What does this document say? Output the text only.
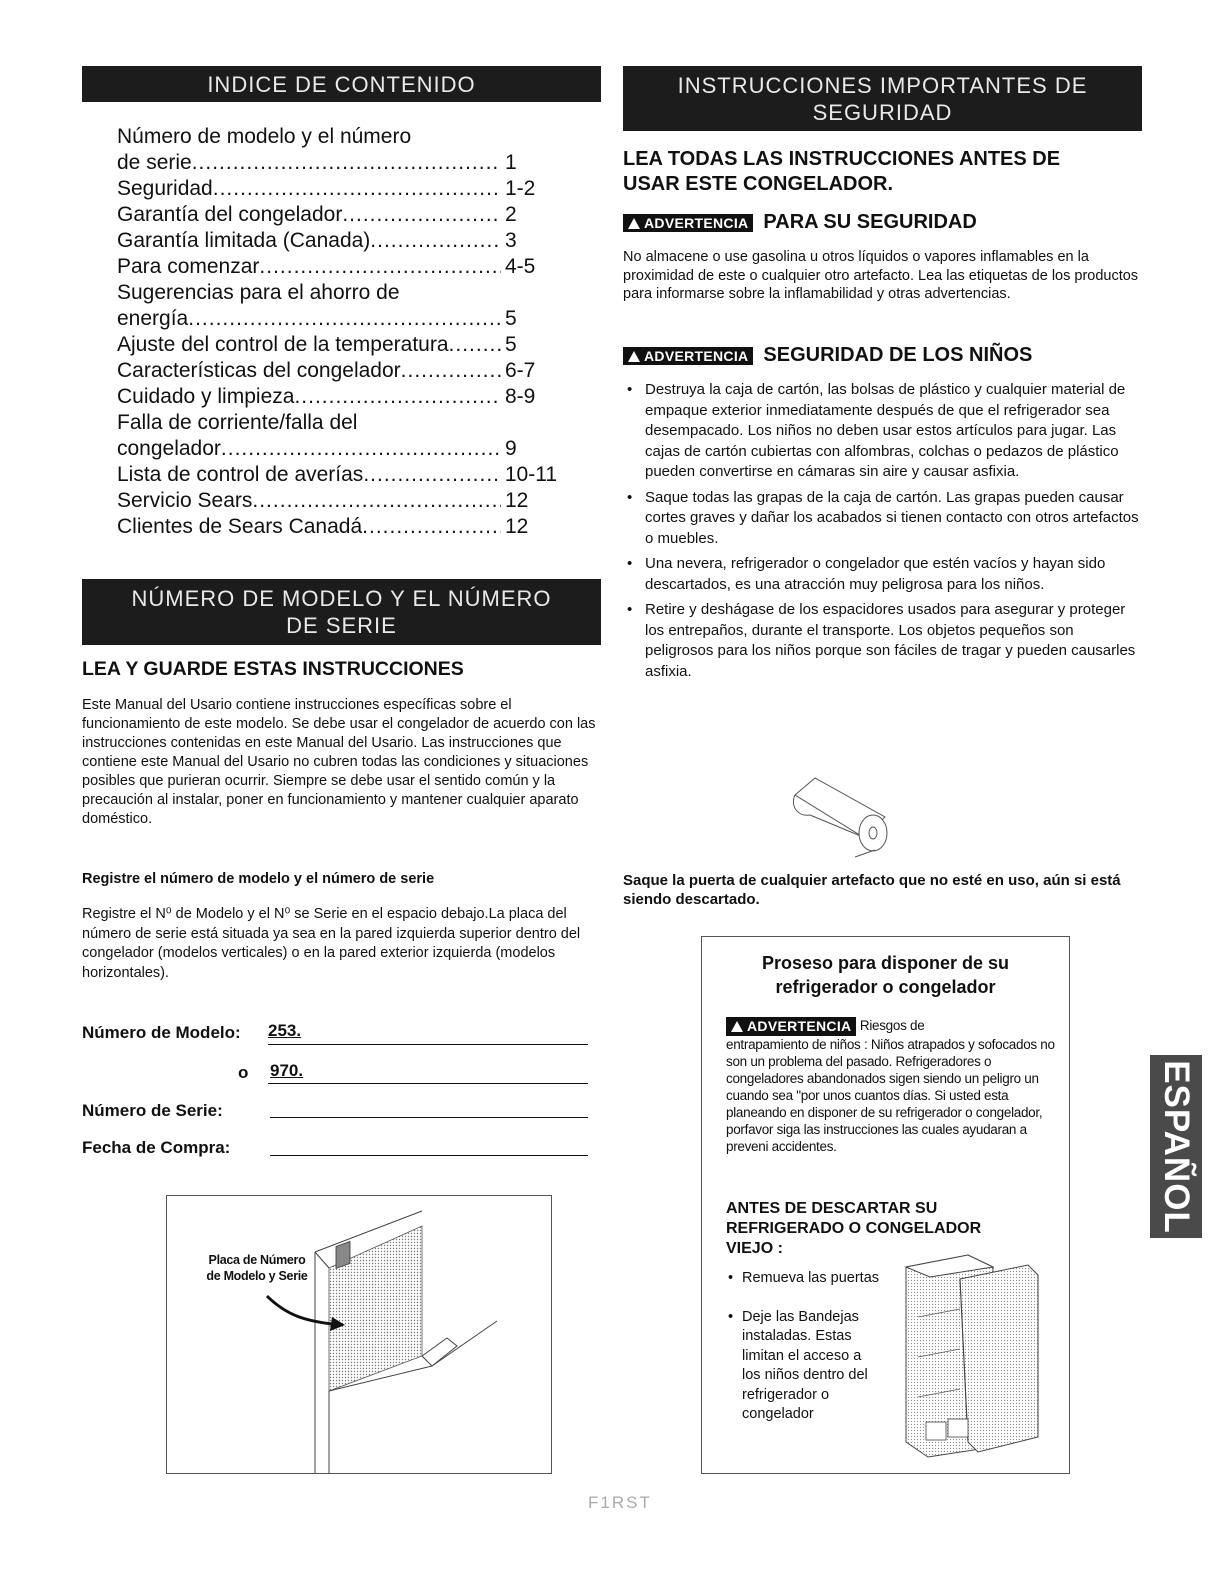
INDICE DE CONTENIDO
Número de modelo y el número
de serie .....	1
Seguridad .....	1-2
Garantía del congelador .....	2
Garantía limitada (Canada) .....	3
Para comenzar .....	4-5
Sugerencias para el ahorro de
energía .....	5
Ajuste del control de la temperatura .....	5
Características del congelador .....	6-7
Cuidado y limpieza .....	8-9
Falla de corriente/falla del
congelador .....	9
Lista de control de averías .....	10-11
Servicio Sears .....	12
Clientes de Sears Canadá .....	12
NÚMERO DE MODELO Y EL NÚMERO
DE SERIE
LEA Y GUARDE ESTAS INSTRUCCIONES
Este Manual del Usario contiene instrucciones específicas sobre el funcionamiento de este modelo. Se debe usar el congelador de acuerdo con las instrucciones contenidas en este Manual del Usario. Las instrucciones que contiene este Manual del Usario no cubren todas las condiciones y situaciones posibles que purieran ocurrir. Siempre se debe usar el sentido común y la precaución al instalar, poner en funcionamiento y mantener cualquier aparato doméstico.
Registre el número de modelo y el número de serie
Registre el N⁰ de Modelo y el N⁰ se Serie en el espacio debajo.La placa del número de serie está situada ya sea en la pared izquierda superior dentro del congelador (modelos verticales) o en la pared exterior izquierda (modelos horizontales).
Número de Modelo: 253.
o 970.
Número de Serie:
Fecha de Compra:
Placa de Número
de Modelo y Serie
INSTRUCCIONES IMPORTANTES DE
SEGURIDAD
LEA TODAS LAS INSTRUCCIONES ANTES DE
USAR ESTE CONGELADOR.
ADVERTENCIA PARA SU SEGURIDAD
No almacene o use gasolina u otros líquidos o vapores inflamables en la proximidad de este o cualquier otro artefacto. Lea las etiquetas de los productos para informarse sobre la inflamabilidad y otras advertencias.
ADVERTENCIA SEGURIDAD DE LOS NIÑOS
• Destruya la caja de cartón, las bolsas de plástico y cualquier material de empaque exterior inmediatamente después de que el refrigerador sea desempacado. Los niños no deben usar estos artículos para jugar. Las cajas de cartón cubiertas con alfombras, colchas o pedazos de plástico pueden convertirse en cámaras sin aire y causar asfixia.
• Saque todas las grapas de la caja de cartón. Las grapas pueden causar cortes graves y dañar los acabados si tienen contacto con otros artefactos o muebles.
• Una nevera, refrigerador o congelador que estén vacíos y hayan sido descartados, es una atracción muy peligrosa para los niños.
• Retire y deshágase de los espacidores usados para asegurar y proteger los entrepaños, durante el transporte. Los objetos pequeños son peligrosos para los niños porque son fáciles de tragar y pueden causarles asfixia.
Saque la puerta de cualquier artefacto que no esté en uso, aún si está siendo descartado.
Proseso para disponer de su
refrigerador o congelador
ADVERTENCIA Riesgos de
entrapamiento de niños : Niños atrapados y sofocados no son un problema del pasado. Refrigeradores o congeladores abandonados sigen siendo un peligro un cuando sea "por unos cuantos días. Si usted esta planeando en disponer de su refrigerador o congelador, porfavor siga las instrucciones las cuales ayudaran a preveni accidentes.
ANTES DE DESCARTAR SU
REFRIGERADO O CONGELADOR
VIEJO :
• Remueva las puertas
• Deje las Bandejas instaladas. Estas limitan el acceso a los niños dentro del refrigerador o congelador
ESPAÑOL
F1RST
